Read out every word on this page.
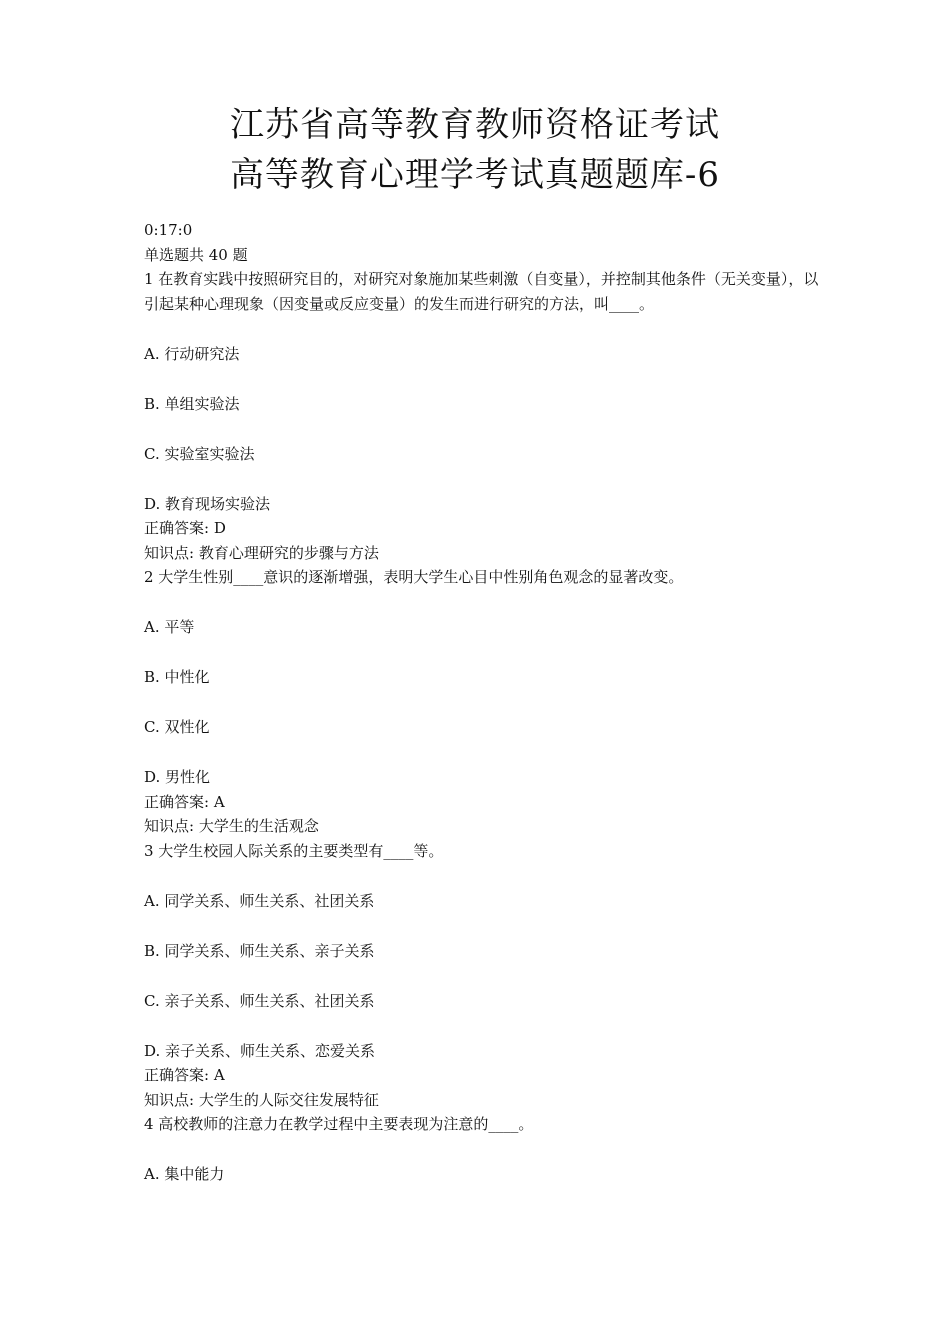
江苏省高等教育教师资格证考试
高等教育心理学考试真题题库-6
0:17:0
单选题共 40 题
1 在教育实践中按照研究目的，对研究对象施加某些刺激（自变量），并控制其他条件（无关变量），以引起某种心理现象（因变量或反应变量）的发生而进行研究的方法，叫____。
A. 行动研究法
B. 单组实验法
C. 实验室实验法
D. 教育现场实验法
正确答案: D
知识点: 教育心理研究的步骤与方法
2 大学生性别____意识的逐渐增强，表明大学生心目中性别角色观念的显著改变。
A. 平等
B. 中性化
C. 双性化
D. 男性化
正确答案: A
知识点: 大学生的生活观念
3 大学生校园人际关系的主要类型有____等。
A. 同学关系、师生关系、社团关系
B. 同学关系、师生关系、亲子关系
C. 亲子关系、师生关系、社团关系
D. 亲子关系、师生关系、恋爱关系
正确答案: A
知识点: 大学生的人际交往发展特征
4 高校教师的注意力在教学过程中主要表现为注意的____。
A. 集中能力
